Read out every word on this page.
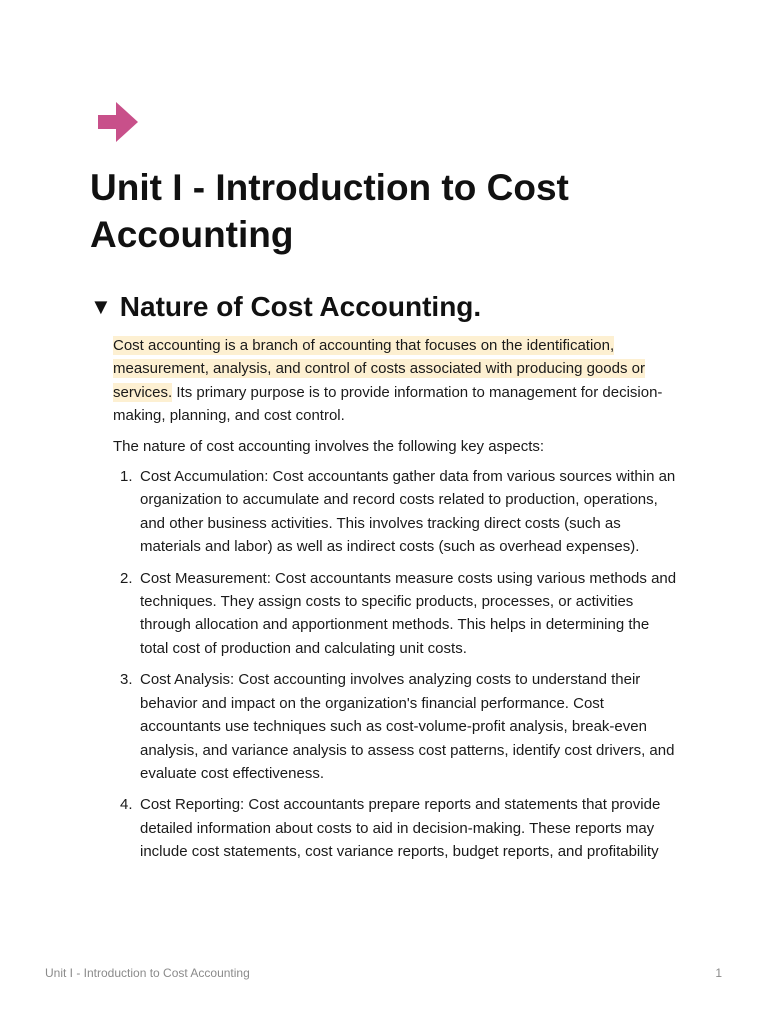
Unit I - Introduction to Cost Accounting
▼ Nature of Cost Accounting.

Cost accounting is a branch of accounting that focuses on the identification, measurement, analysis, and control of costs associated with producing goods or services. Its primary purpose is to provide information to management for decision-making, planning, and cost control.

The nature of cost accounting involves the following key aspects:

1. Cost Accumulation: Cost accountants gather data from various sources within an organization to accumulate and record costs related to production, operations, and other business activities. This involves tracking direct costs (such as materials and labor) as well as indirect costs (such as overhead expenses).
2. Cost Measurement: Cost accountants measure costs using various methods and techniques. They assign costs to specific products, processes, or activities through allocation and apportionment methods. This helps in determining the total cost of production and calculating unit costs.
3. Cost Analysis: Cost accounting involves analyzing costs to understand their behavior and impact on the organization's financial performance. Cost accountants use techniques such as cost-volume-profit analysis, break-even analysis, and variance analysis to assess cost patterns, identify cost drivers, and evaluate cost effectiveness.
4. Cost Reporting: Cost accountants prepare reports and statements that provide detailed information about costs to aid in decision-making. These reports may include cost statements, cost variance reports, budget reports, and profitability
Unit I - Introduction to Cost Accounting	1
